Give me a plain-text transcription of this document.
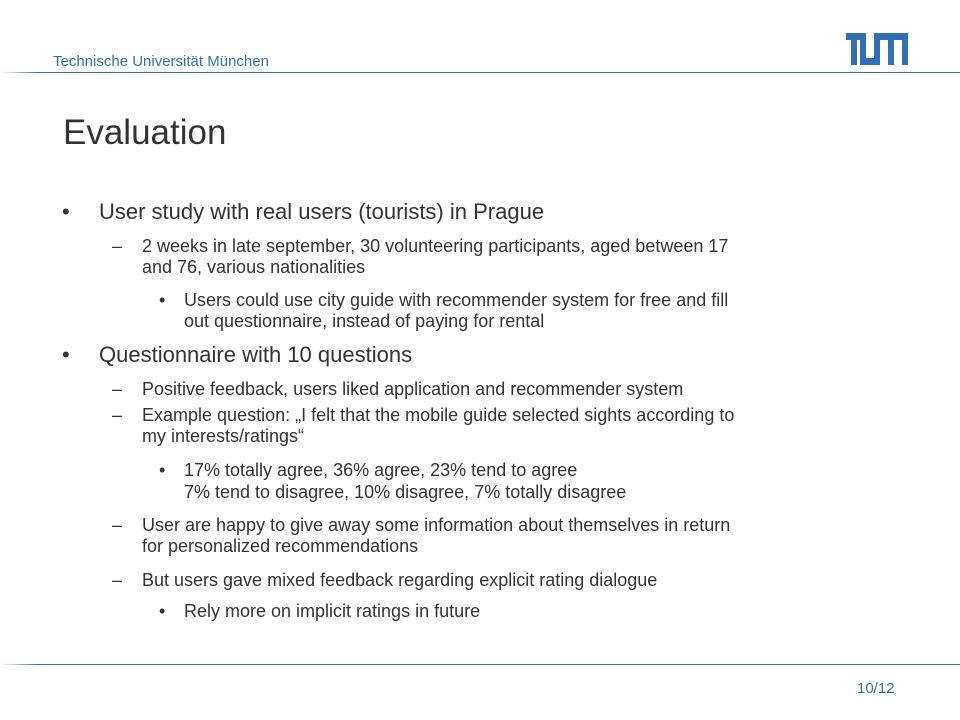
Technische Universität München
Evaluation
• User study with real users (tourists) in Prague
– 2 weeks in late september, 30 volunteering participants, aged between 17
and 76, various nationalities
• Users could use city guide with recommender system for free and fill
out questionnaire, instead of paying for rental
• Questionnaire with 10 questions
– Positive feedback, users liked application and recommender system
– Example question: „I felt that the mobile guide selected sights according to
my interests/ratings“
• 17% totally agree, 36% agree, 23% tend to agree
7% tend to disagree, 10% disagree, 7% totally disagree
– User are happy to give away some information about themselves in return
for personalized recommendations
– But users gave mixed feedback regarding explicit rating dialogue
• Rely more on implicit ratings in future
10/12
